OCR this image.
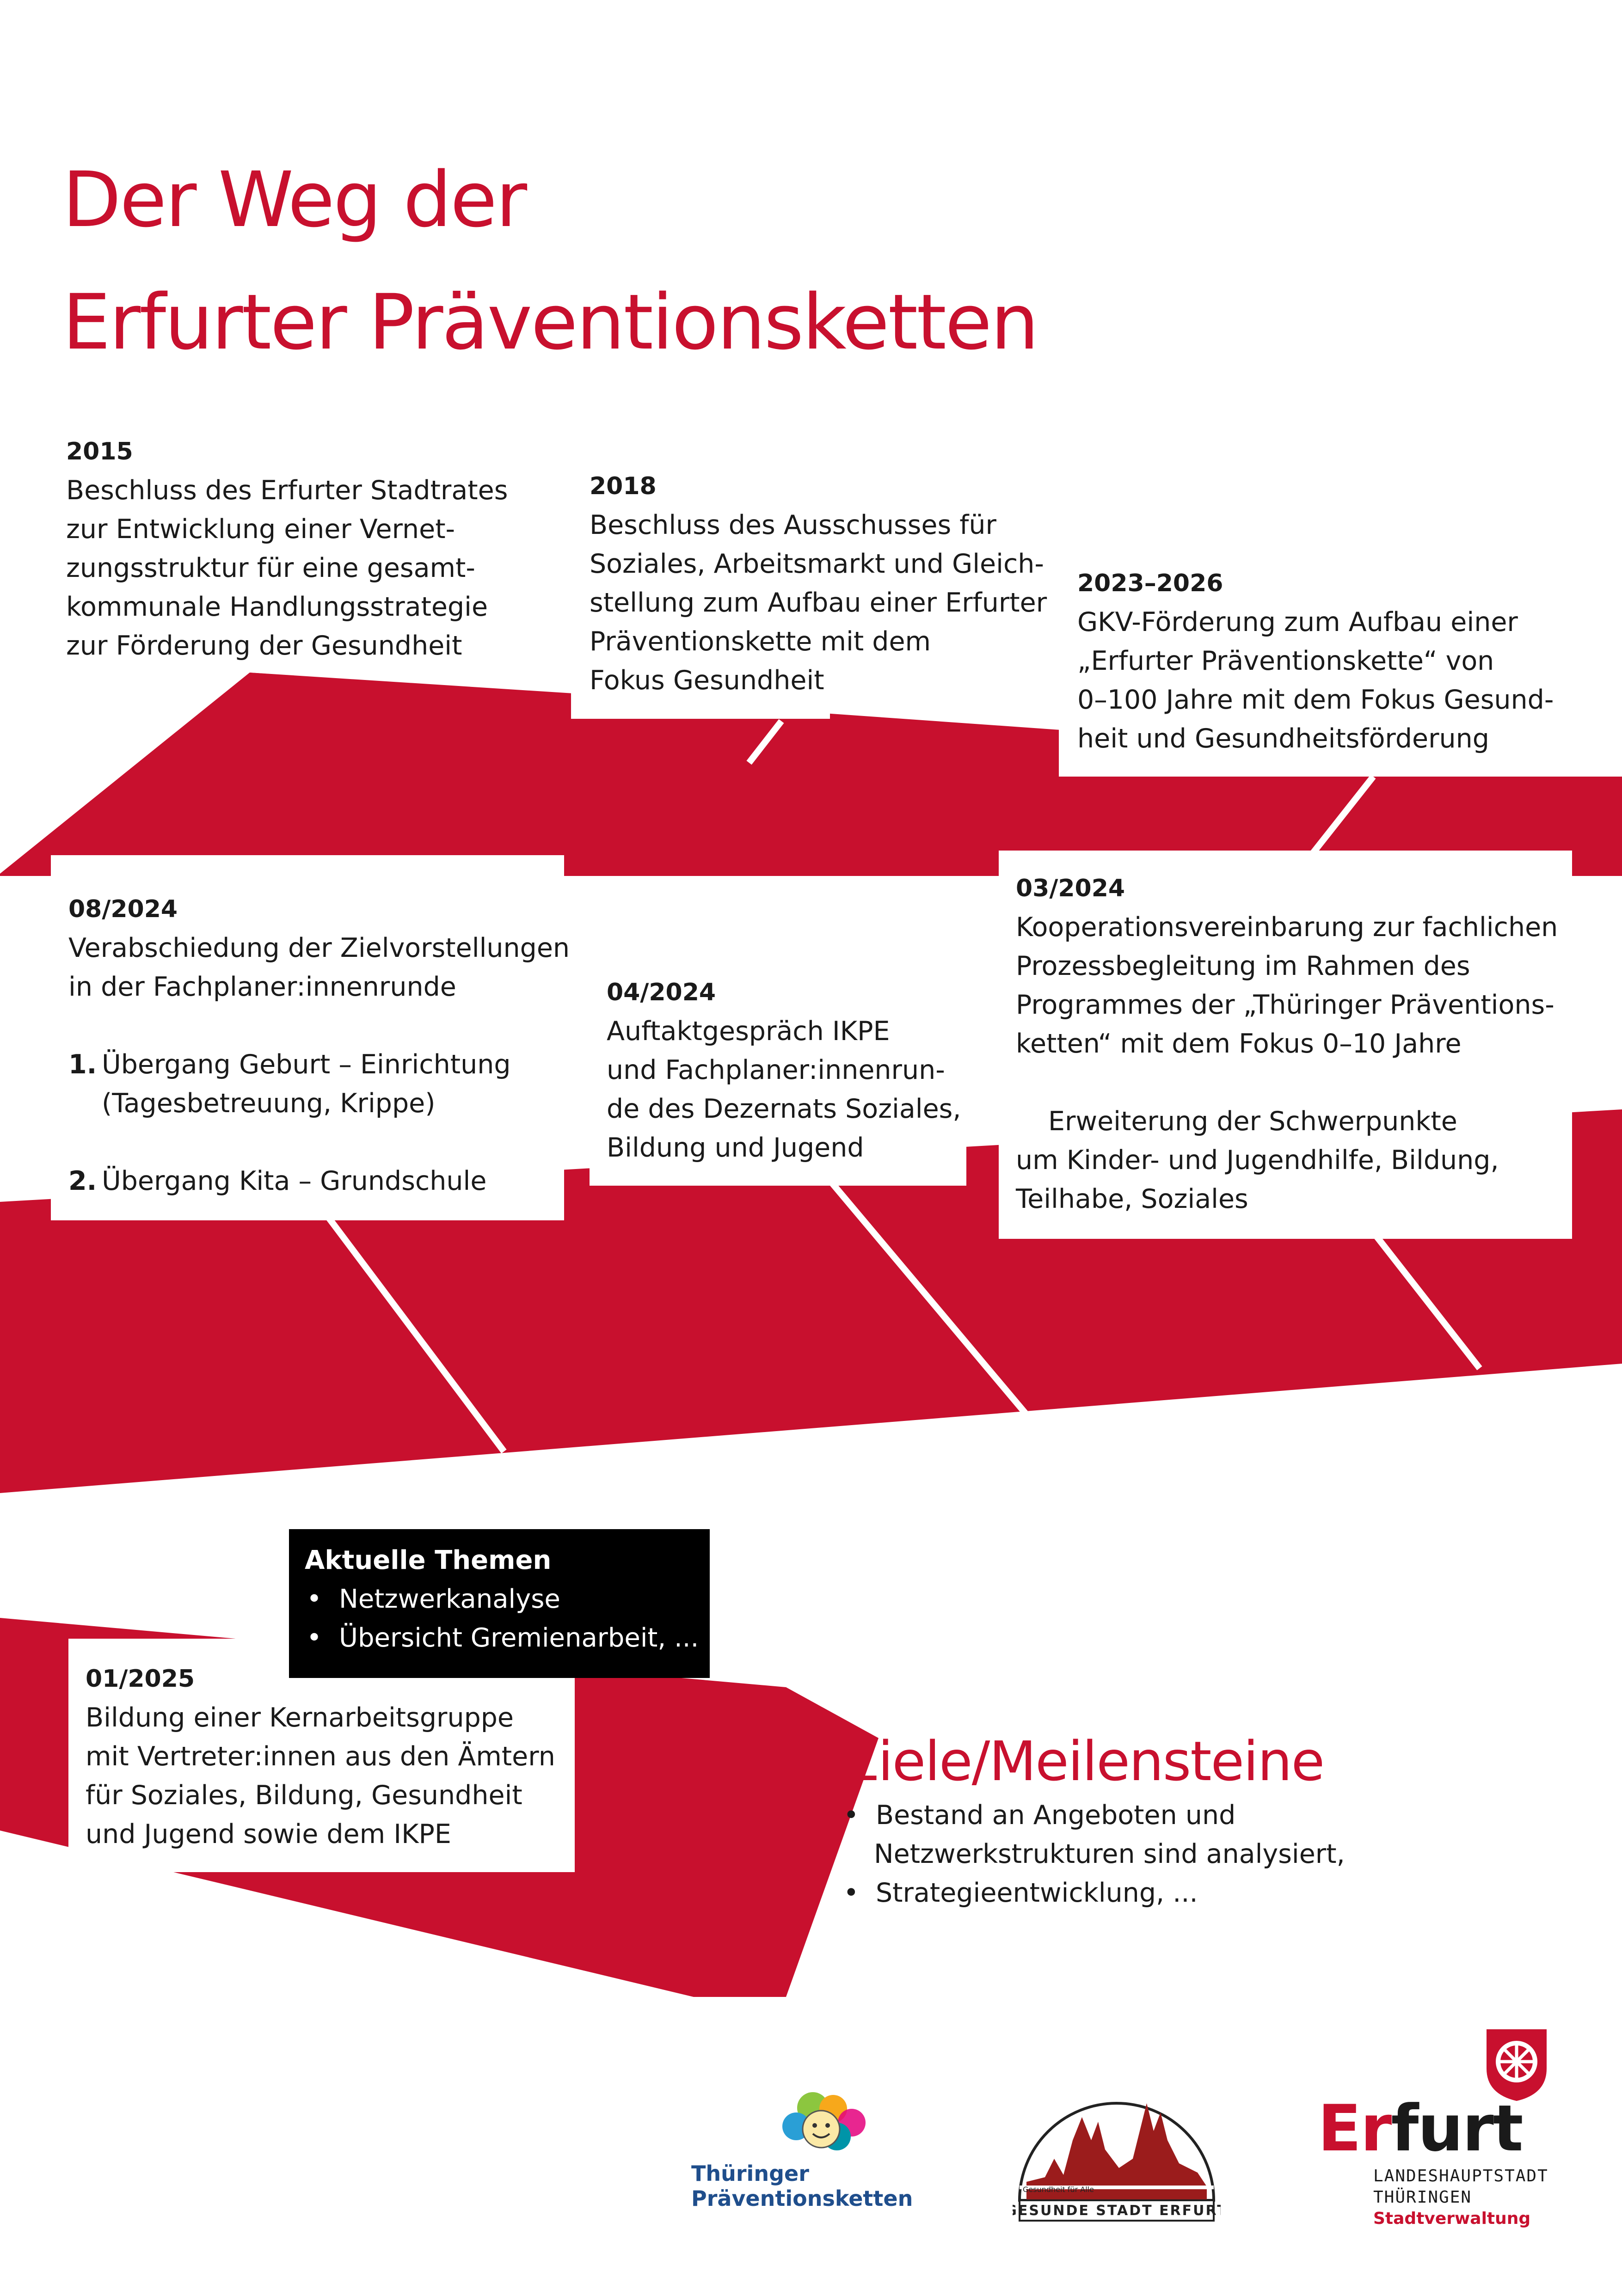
Der Weg der
Erfurter Präventionsketten
2015
Beschluss des Erfurter Stadtrates
zur Entwicklung einer Vernet-
zungsstruktur für eine gesamt-
kommunale Handlungsstrategie
zur Förderung der Gesundheit
2018
Beschluss des Ausschusses für
Soziales, Arbeitsmarkt und Gleich-
stellung zum Aufbau einer Erfurter
Präventionskette mit dem
Fokus Gesundheit
2023–2026
GKV-Förderung zum Aufbau einer
„Erfurter Präventionskette“ von
0–100 Jahre mit dem Fokus Gesund-
heit und Gesundheitsförderung
08/2024
Verabschiedung der Zielvorstellungen
in der Fachplaner:innenrunde
1. Übergang Geburt – Einrichtung
(Tagesbetreuung, Krippe)
2. Übergang Kita – Grundschule
04/2024
Auftaktgespräch IKPE
und Fachplaner:innenrun-
de des Dezernats Soziales,
Bildung und Jugend
03/2024
Kooperationsvereinbarung zur fachlichen
Prozessbegleitung im Rahmen des
Programmes der „Thüringer Präventions-
ketten“ mit dem Fokus 0–10 Jahre
Erweiterung der Schwerpunkte
um Kinder- und Jugendhilfe, Bildung,
Teilhabe, Soziales
Aktuelle Themen
• Netzwerkanalyse
• Übersicht Gremienarbeit, ...
01/2025
Bildung einer Kernarbeitsgruppe
mit Vertreter:innen aus den Ämtern
für Soziales, Bildung, Gesundheit
und Jugend sowie dem IKPE
Ziele/Meilensteine
• Bestand an Angeboten und
Netzwerkstrukturen sind analysiert,
• Strategieentwicklung, ...
Thüringer
Präventionsketten	Gesundheit für Alle
GESUNDE STADT ERFURT
Erfurt
LANDESHAUPTSTADT
THÜRINGEN
Stadtverwaltung
